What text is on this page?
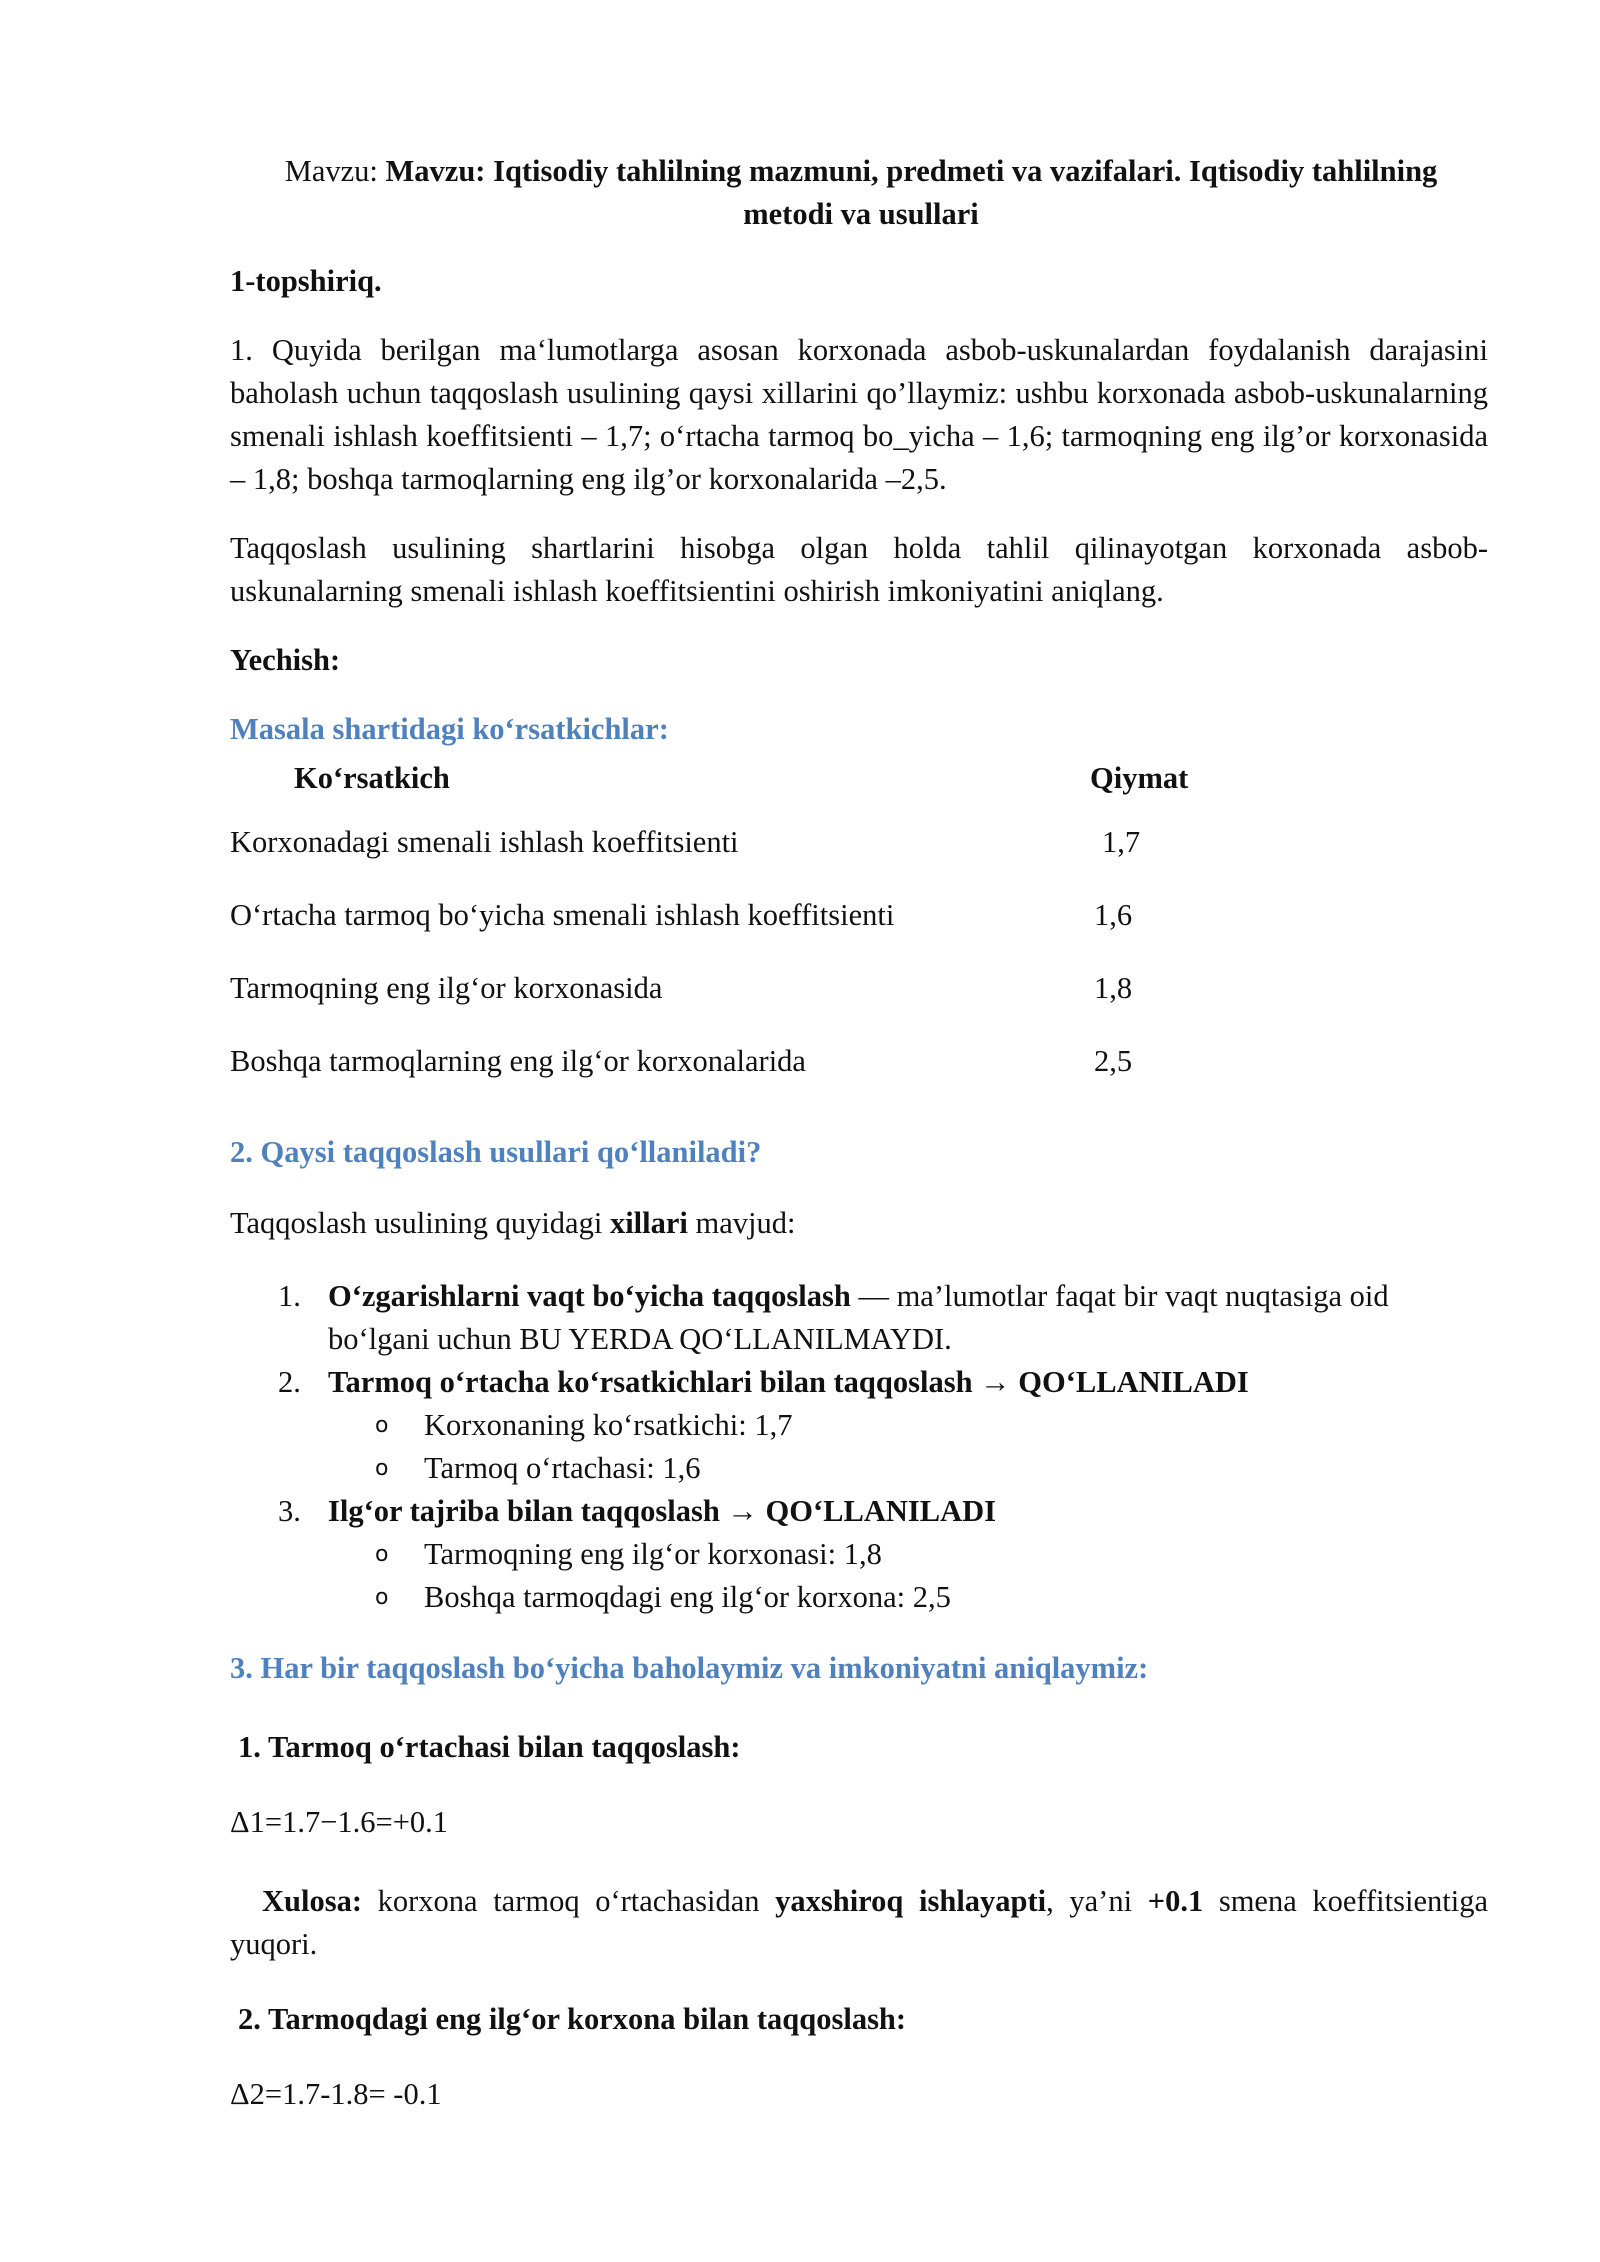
Mavzu: Mavzu: Iqtisodiy tahlilning mazmuni, predmeti va vazifalari. Iqtisodiy tahlilning
metodi va usullari

1-topshiriq.

1. Quyida berilgan maʻlumotlarga asosan korxonada asbob-uskunalardan foydalanish darajasini baholash uchun taqqoslash usulining qaysi xillarini qo’llaymiz: ushbu korxonada asbob-uskunalarning smenali ishlash koeffitsienti – 1,7; oʻrtacha tarmoq bo_yicha – 1,6; tarmoqning eng ilg’or korxonasida – 1,8; boshqa tarmoqlarning eng ilg’or korxonalarida –2,5.

Taqqoslash usulining shartlarini hisobga olgan holda tahlil qilinayotgan korxonada asbob-uskunalarning smenali ishlash koeffitsientini oshirish imkoniyatini aniqlang.

Yechish:

Masala shartidagi koʻrsatkichlar:

Koʻrsatkich	Qiymat
Korxonadagi smenali ishlash koeffitsienti	1,7
Oʻrtacha tarmoq boʻyicha smenali ishlash koeffitsienti	1,6
Tarmoqning eng ilgʻor korxonasida	1,8
Boshqa tarmoqlarning eng ilgʻor korxonalarida	2,5

2. Qaysi taqqoslash usullari qoʻllaniladi?

Taqqoslash usulining quyidagi xillari mavjud:

1. Oʻzgarishlarni vaqt boʻyicha taqqoslash — ma’lumotlar faqat bir vaqt nuqtasiga oid boʻlgani uchun BU YERDA QOʻLLANILMAYDI.
2. Tarmoq oʻrtacha koʻrsatkichlari bilan taqqoslash → QOʻLLANILADI
o Korxonaning koʻrsatkichi: 1,7
o Tarmoq oʻrtachasi: 1,6
3. Ilgʻor tajriba bilan taqqoslash → QOʻLLANILADI
o Tarmoqning eng ilgʻor korxonasi: 1,8
o Boshqa tarmoqdagi eng ilgʻor korxona: 2,5

3. Har bir taqqoslash boʻyicha baholaymiz va imkoniyatni aniqlaymiz:

1. Tarmoq oʻrtachasi bilan taqqoslash:

Δ1=1.7−1.6=+0.1

Xulosa: korxona tarmoq oʻrtachasidan yaxshiroq ishlayapti, ya’ni +0.1 smena koeffitsientiga yuqori.

2. Tarmoqdagi eng ilgʻor korxona bilan taqqoslash:

Δ2=1.7-1.8= -0.1
